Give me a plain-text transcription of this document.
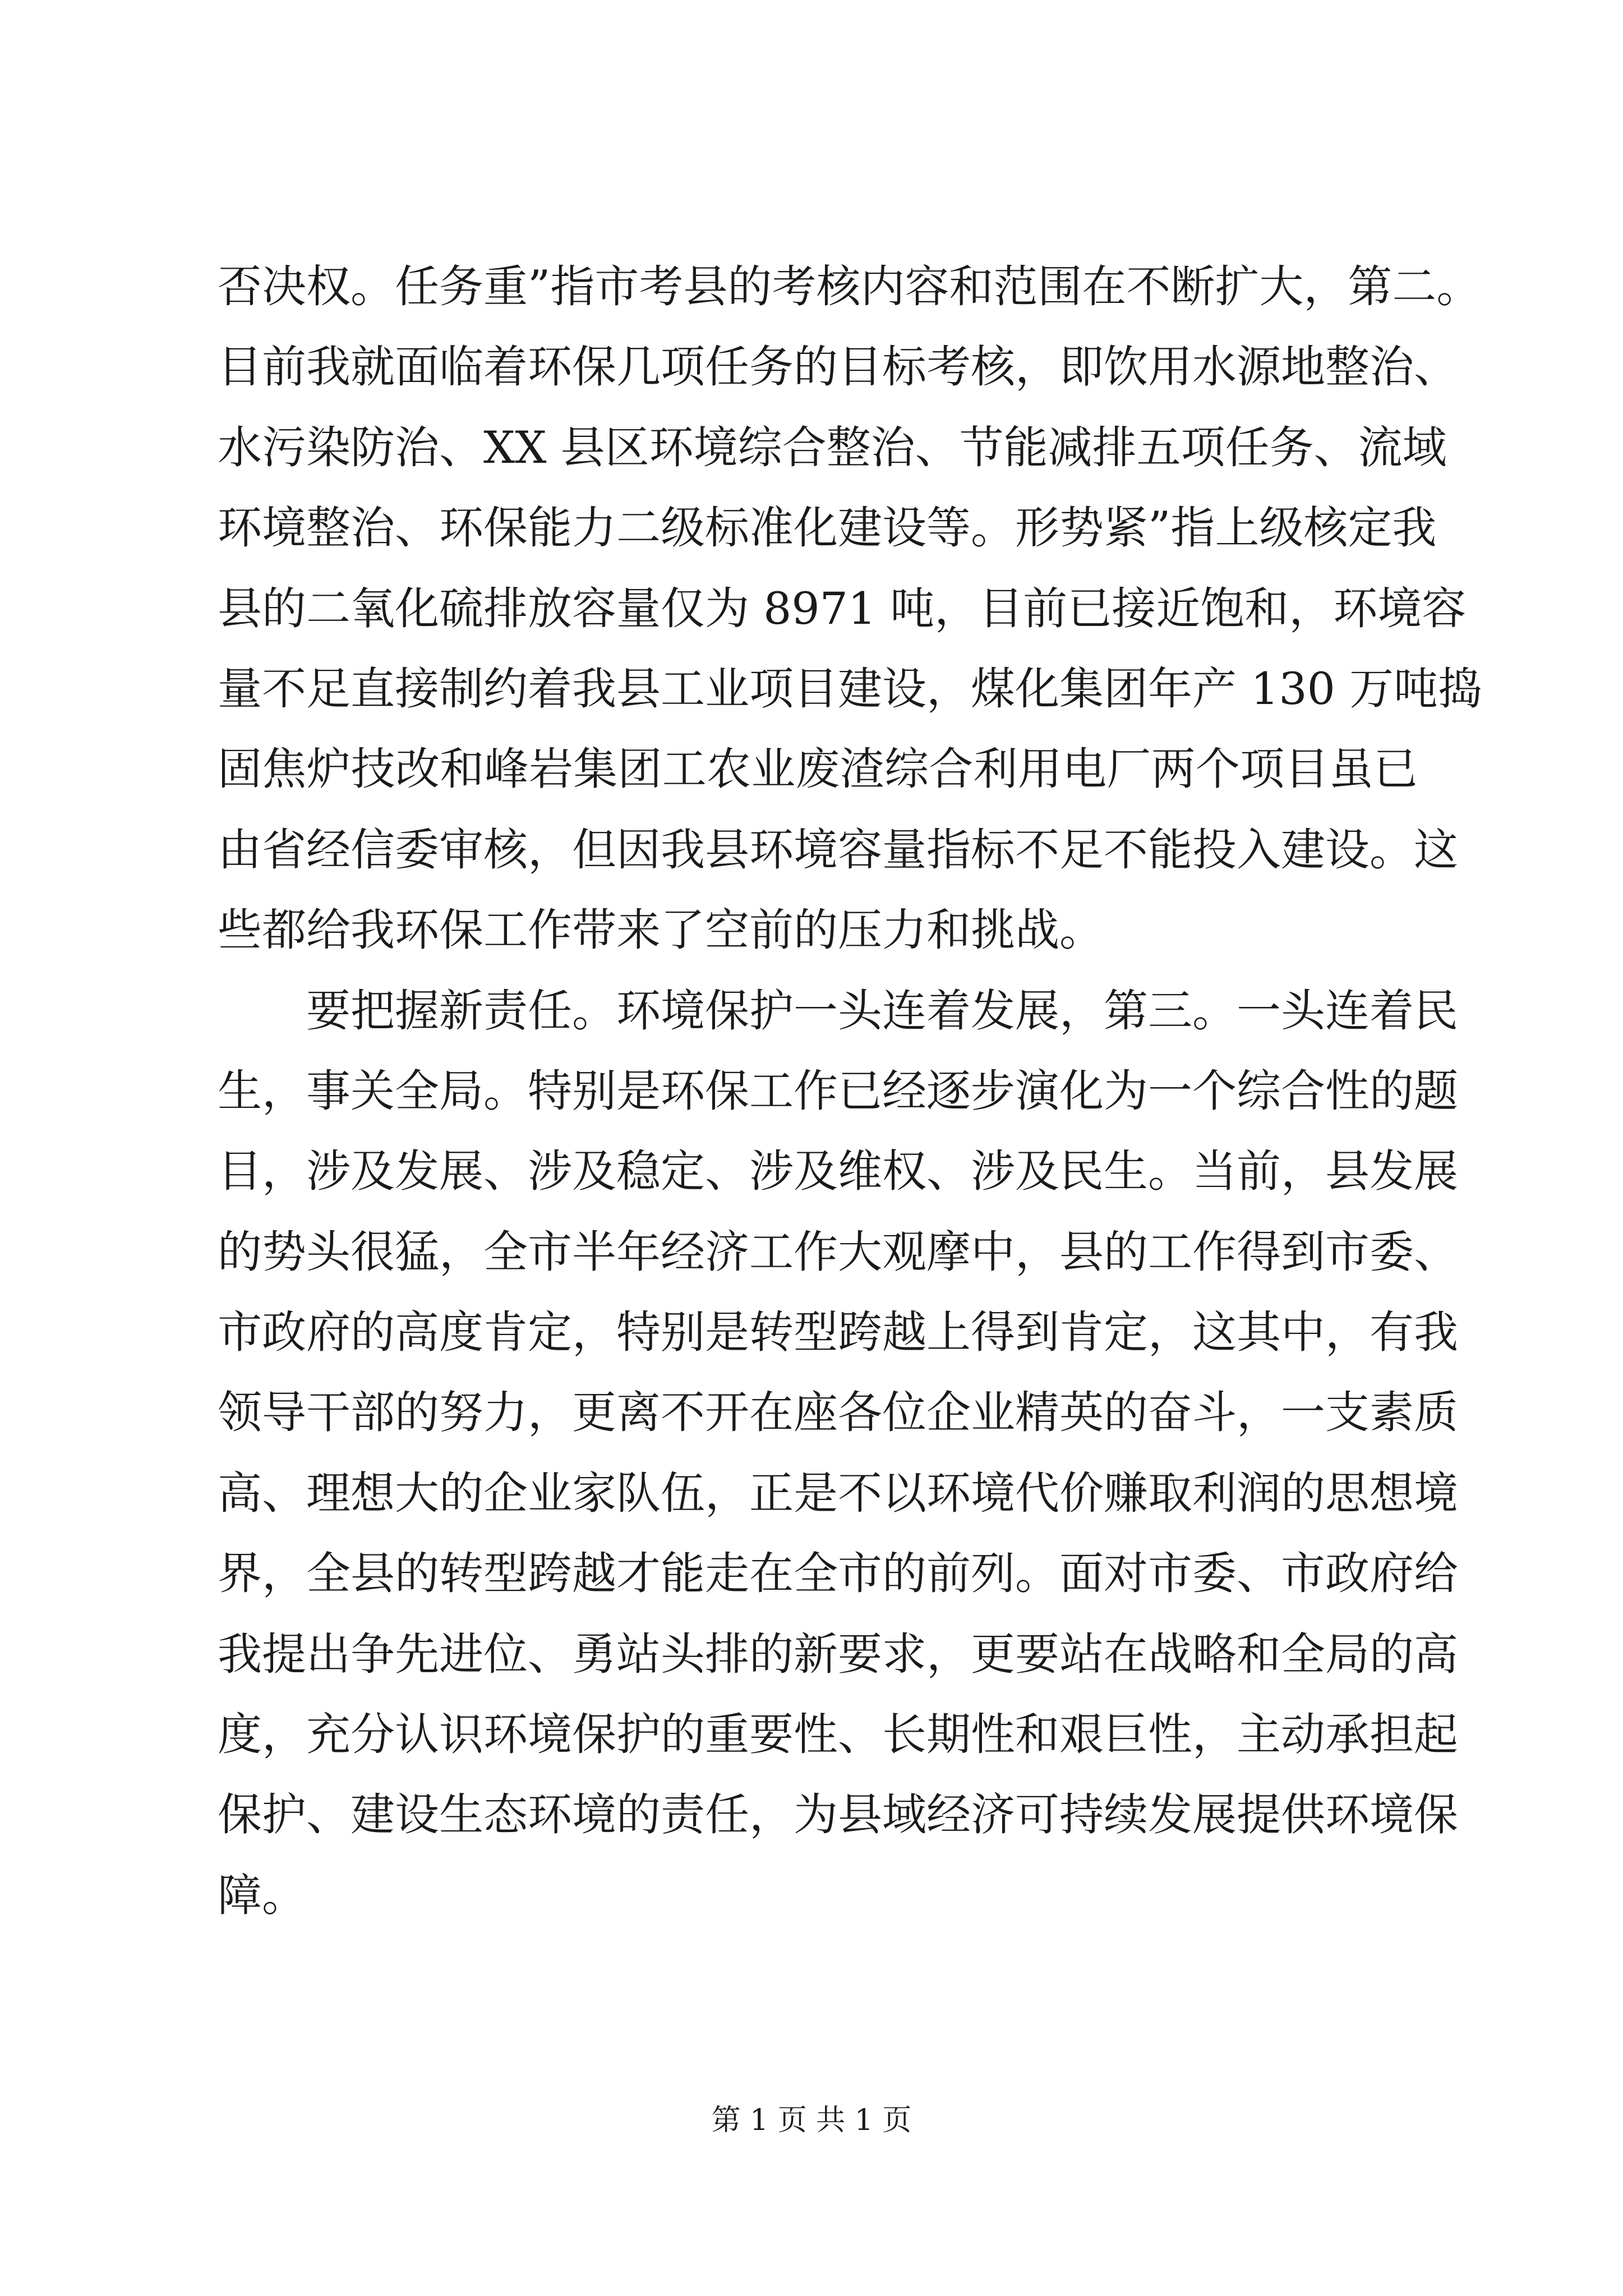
否决权。任务重”指市考县的考核内容和范围在不断扩大，第二。
目前我就面临着环保几项任务的目标考核，即饮用水源地整治、
水污染防治、XX 县区环境综合整治、节能减排五项任务、流域
环境整治、环保能力二级标准化建设等。形势紧”指上级核定我
县的二氧化硫排放容量仅为 8971 吨，目前已接近饱和，环境容
量不足直接制约着我县工业项目建设，煤化集团年产 130 万吨捣
固焦炉技改和峰岩集团工农业废渣综合利用电厂两个项目虽已
由省经信委审核，但因我县环境容量指标不足不能投入建设。这
些都给我环保工作带来了空前的压力和挑战。
要把握新责任。环境保护一头连着发展，第三。一头连着民
生，事关全局。特别是环保工作已经逐步演化为一个综合性的题
目，涉及发展、涉及稳定、涉及维权、涉及民生。当前，县发展
的势头很猛，全市半年经济工作大观摩中，县的工作得到市委、
市政府的高度肯定，特别是转型跨越上得到肯定，这其中，有我
领导干部的努力，更离不开在座各位企业精英的奋斗，一支素质
高、理想大的企业家队伍，正是不以环境代价赚取利润的思想境
界，全县的转型跨越才能走在全市的前列。面对市委、市政府给
我提出争先进位、勇站头排的新要求，更要站在战略和全局的高
度，充分认识环境保护的重要性、长期性和艰巨性，主动承担起
保护、建设生态环境的责任，为县域经济可持续发展提供环境保
障。
第 1 页 共 1 页
